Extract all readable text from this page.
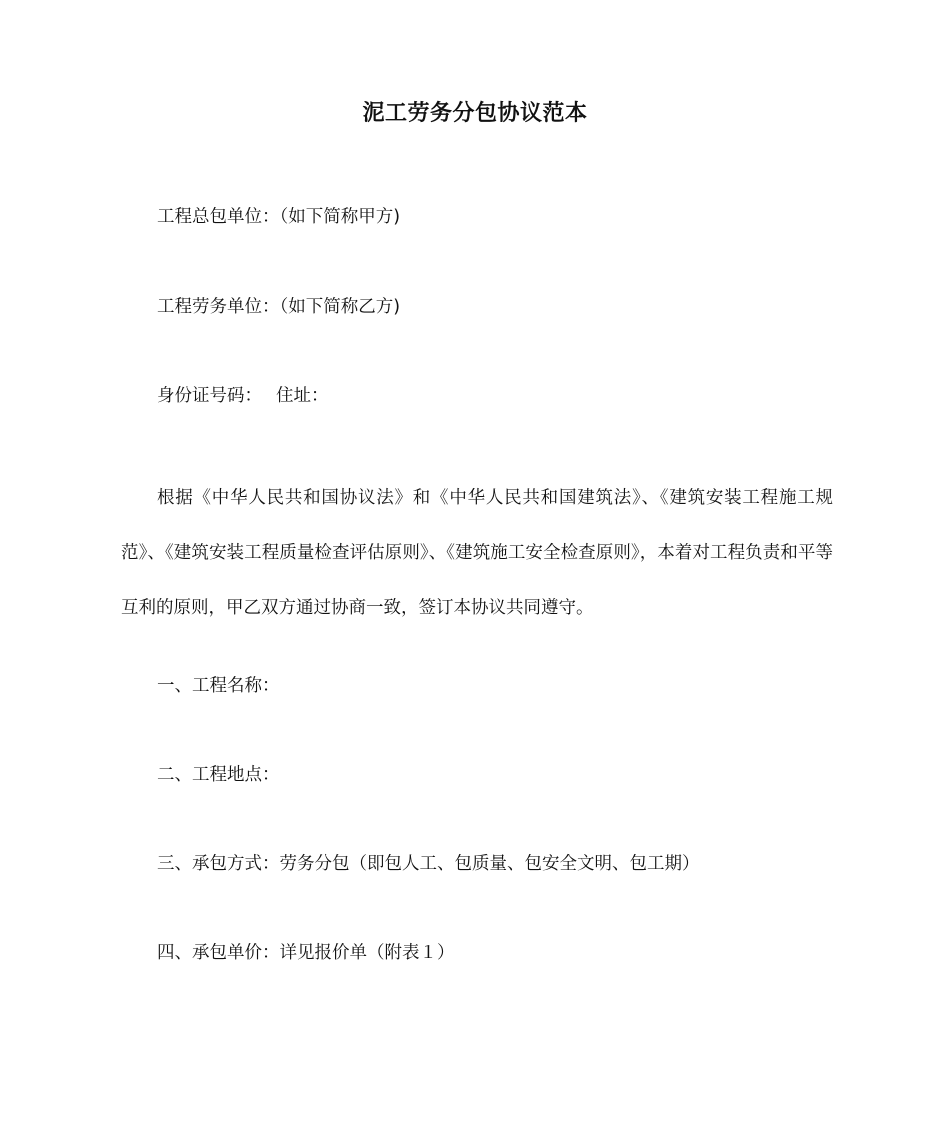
泥工劳务分包协议范本
工程总包单位：（如下简称甲方)
工程劳务单位：（如下简称乙方)
身份证号码： 住址：
根据《中华人民共和国协议法》和《中华人民共和国建筑法》、《建筑安装工程施工规范》、《建筑安装工程质量检查评估原则》、《建筑施工安全检查原则》，本着对工程负责和平等互利的原则，甲乙双方通过协商一致，签订本协议共同遵守。
一、工程名称：
二、工程地点：
三、承包方式：劳务分包（即包人工、包质量、包安全文明、包工期）
四、承包单价：详见报价单（附表１）
